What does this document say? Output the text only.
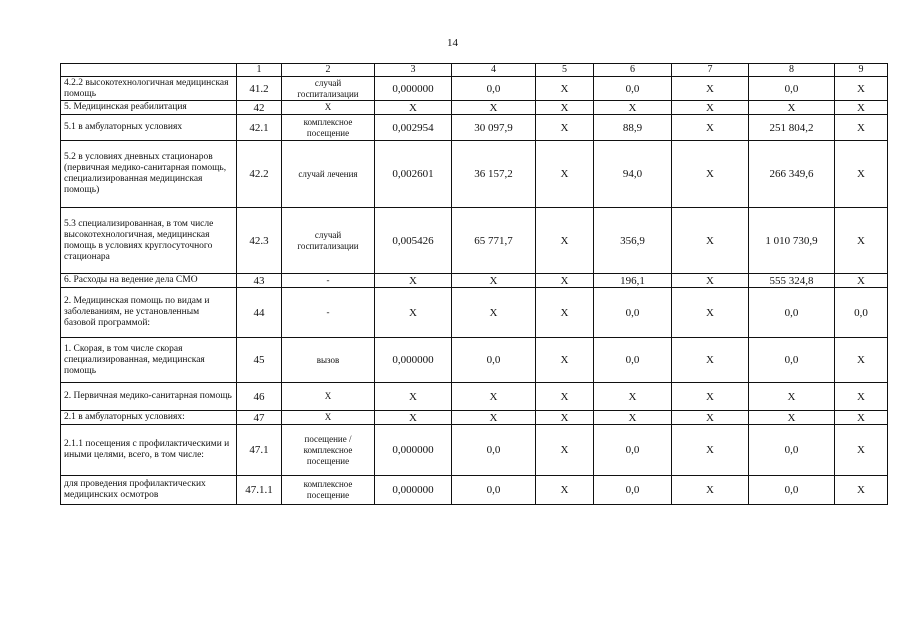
14
	1	2	3	4	5	6	7	8	9
4.2.2 высокотехнологичная медицинская помощь	41.2	случай госпитализации	0,000000	0,0	Х	0,0	Х	0,0	Х
5. Медицинская реабилитация	42	Х	Х	Х	Х	Х	Х	Х	Х
5.1 в амбулаторных условиях	42.1	комплексное посещение	0,002954	30 097,9	Х	88,9	Х	251 804,2	Х
5.2 в условиях дневных стационаров (первичная медико-санитарная помощь, специализированная медицинская помощь)	42.2	случай лечения	0,002601	36 157,2	Х	94,0	Х	266 349,6	Х
5.3 специализированная, в том числе высокотехнологичная, медицинская помощь в условиях круглосуточного стационара	42.3	случай госпитализации	0,005426	65 771,7	Х	356,9	Х	1 010 730,9	Х
6. Расходы на ведение дела СМО	43	-	Х	Х	Х	196,1	Х	555 324,8	Х
2. Медицинская помощь по видам и заболеваниям, не установленным базовой программой:	44	-	Х	Х	Х	0,0	Х	0,0	0,0
1. Скорая, в том числе скорая специализированная, медицинская помощь	45	вызов	0,000000	0,0	Х	0,0	Х	0,0	Х
2. Первичная медико-санитарная помощь	46	Х	Х	Х	Х	Х	Х	Х	Х
2.1 в амбулаторных условиях:	47	Х	Х	Х	Х	Х	Х	Х	Х
2.1.1 посещения с профилактическими и иными целями, всего, в том числе:	47.1	посещение / комплексное посещение	0,000000	0,0	Х	0,0	Х	0,0	Х
для проведения профилактических медицинских осмотров	47.1.1	комплексное посещение	0,000000	0,0	Х	0,0	Х	0,0	Х
